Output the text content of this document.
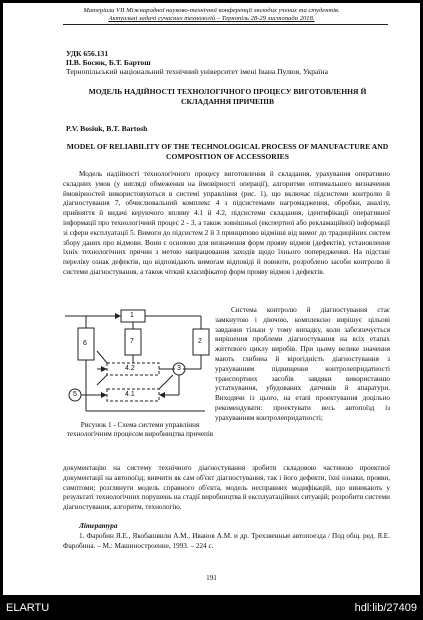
Матеріали VII Міжнародної науково-технічної конференції молодих учених та студентів.
Актуальні задачі сучасних технологій – Тернопіль 28-29 листопада 2018.
УДК 656.131
П.В. Босюк, Б.Т. Бартош
Тернопільський національний технічний університет імені Івана Пулюя, Україна
МОДЕЛЬ НАДІЙНОСТІ ТЕХНОЛОГІЧНОГО ПРОЦЕСУ ВИГОТОВЛЕННЯ Й СКЛАДАННЯ ПРИЧЕПІВ
P.V. Bosiuk, B.T. Bartosh
MODEL OF RELIABILITY OF THE TECHNOLOGICAL PROCESS OF MANUFACTURE AND COMPOSITION OF ACCESSORIES

Модель надійності технологічного процесу виготовлення й складання, урахування оперативно складних умов (у вигляді обмеження на ймовірності операції), алгоритми оптимального визначення ймовірностей використовуються в системі управління (рис. 1), що включає підсистеми контролю й діагностування 7, обчислювальний комплекс 4 з підсистемами нагромадження, обробки, аналізу, прийняття й видачі керуючого впливу 4.1 й 4.2, підсистеми складання, ідентифікації оперативної інформації про технологічний процес 2 - 3, а також зовнішньої (експертної або рекламаційної) інформації зі сфери експлуатації 5. Вимоги до підсистем 2 й 3 принципово відмінні від вимог до традиційних систем збору даних про відмови. Вони є основою для визначення форм прояву відмов (дефектів), установлення їхніх технологічних причин з метою напрацювання заходів щодо їхнього попередження. На підставі переліку ознак дефектів, що відповідають вимогам відповіді й повноти, розроблено засоби контролю й системи діагностування, а також чіткий класифікатор форм прояву відмов і дефектів.

1
2
3
4.1
4.2
5
6	7
Рисунок 1 - Схема системи управління технологічним процесом виробництва причепів

Система контролю й діагностування стає замкнутою і діючою, комплексно вирішує цільові завдання тільки у тому випадку, коли забезпечується вирішення проблеми діагностування на всіх етапах життєвого циклу виробів. При цьому велике значення мають глибина й вірогідність діагностування з урахуванням підвищення контролепридатності транспортних засобів завдяки використанню устаткування, убудованих датчиків й апаратури. Виходячи із цього, на етапі проектування доцільно рекомендувати: проектувати весь автопоїзд із урахуванням контролепридатності;

документацію на систему технічного діагностування зробити складовою частиною проектної документації на автопоїзд; вивчити як сам об'єкт діагностування, так і його дефекти, їхні ознаки, прояви, симптоми; розглянути модель справного об'єкта, модель несправних модифікацій, що виникають у результаті технологічних порушень на стадії виробництва й експлуатаційних ситуацій; розробити системи діагностування, алгоритм, технологію.

Література
1. Фаробин Я.Е., Якобашвили А.М., Иванов А.М. и др. Трехзвенные автопоезда / Под общ. ред. Я.Е. Фаробина. – М.: Машиностроение, 1993. – 224 с.
191
ELARTU	hdl:lib/27409
